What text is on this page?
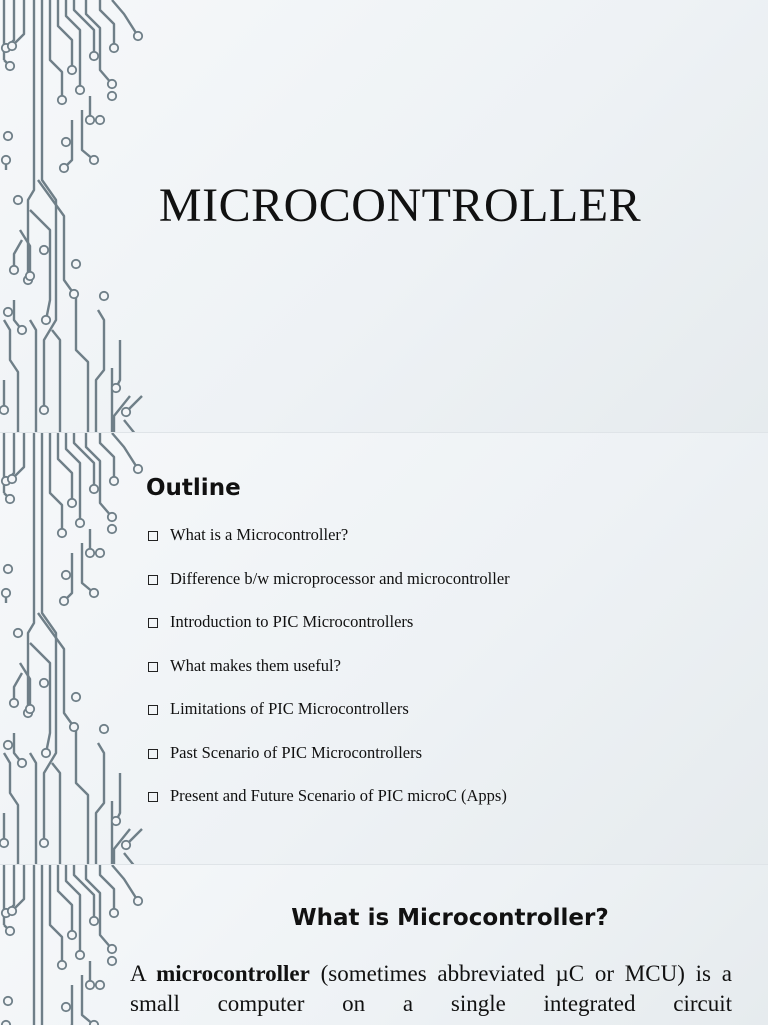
MICROCONTROLLER
Outline
What is a Microcontroller?
Difference b/w microprocessor and microcontroller
Introduction to PIC Microcontrollers
What makes them useful?
Limitations of PIC Microcontrollers
Past Scenario of PIC Microcontrollers
Present and Future Scenario of PIC microC (Apps)
What is Microcontroller?

A microcontroller (sometimes abbreviated µC or MCU) is a small computer on a single integrated circuit
